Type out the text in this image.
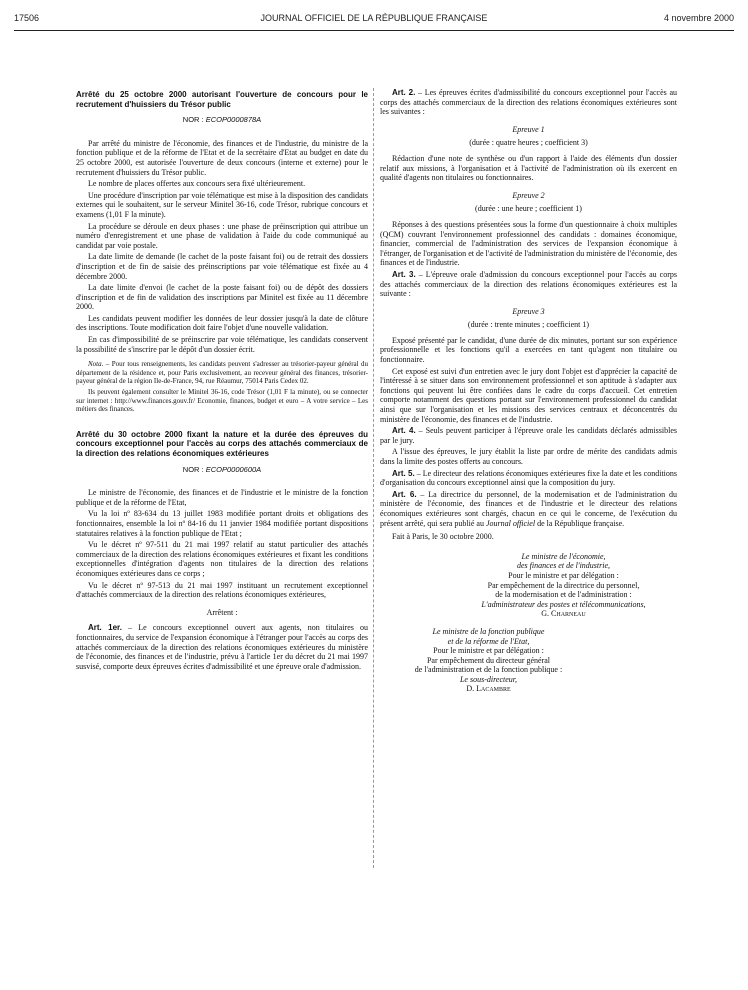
17506	JOURNAL OFFICIEL DE LA RÉPUBLIQUE FRANÇAISE	4 novembre 2000

Arrêté du 25 octobre 2000 autorisant l'ouverture de concours pour le recrutement d'huissiers du Trésor public

NOR : ECOP0000878A

Par arrêté du ministre de l'économie, des finances et de l'industrie, du ministre de la fonction publique et de la réforme de l'Etat et de la secrétaire d'Etat au budget en date du 25 octobre 2000, est autorisée l'ouverture de deux concours (interne et externe) pour le recrutement d'huissiers du Trésor public.

Le nombre de places offertes aux concours sera fixé ultérieurement.

Une procédure d'inscription par voie télématique est mise à la disposition des candidats externes qui le souhaitent, sur le serveur Minitel 36-16, code Trésor, rubrique concours et examens (1,01 F la minute).

La procédure se déroule en deux phases : une phase de préinscription qui attribue un numéro d'enregistrement et une phase de validation à l'aide du code communiqué au candidat par voie postale.

La date limite de demande (le cachet de la poste faisant foi) ou de retrait des dossiers d'inscription et de fin de saisie des préinscriptions par voie télématique est fixée au 4 décembre 2000.

La date limite d'envoi (le cachet de la poste faisant foi) ou de dépôt des dossiers d'inscription et de fin de validation des inscriptions par Minitel est fixée au 11 décembre 2000.

Les candidats peuvent modifier les données de leur dossier jusqu'à la date de clôture des inscriptions. Toute modification doit faire l'objet d'une nouvelle validation.

En cas d'impossibilité de se préinscrire par voie télématique, les candidats conservent la possibilité de s'inscrire par le dépôt d'un dossier écrit.

Nota. – Pour tous renseignements, les candidats peuvent s'adresser au trésorier-payeur général du département de la résidence et, pour Paris exclusivement, au receveur général des finances, trésorier-payeur général de la région Ile-de-France, 94, rue Réaumur, 75014 Paris Cedex 02.

Ils peuvent également consulter le Minitel 36-16, code Trésor (1,01 F la minute), ou se connecter sur internet : http://www.finances.gouv.fr/ Economie, finances, budget et euro – A votre service – Les métiers des finances.

Arrêté du 30 octobre 2000 fixant la nature et la durée des épreuves du concours exceptionnel pour l'accès au corps des attachés commerciaux de la direction des relations économiques extérieures

NOR : ECOP0000600A

Le ministre de l'économie, des finances et de l'industrie et le ministre de la fonction publique et de la réforme de l'Etat,

Vu la loi nº 83-634 du 13 juillet 1983 modifiée portant droits et obligations des fonctionnaires, ensemble la loi nº 84-16 du 11 janvier 1984 modifiée portant dispositions statutaires relatives à la fonction publique de l'Etat ;

Vu le décret nº 97-511 du 21 mai 1997 relatif au statut particulier des attachés commerciaux de la direction des relations économiques extérieures et fixant les conditions exceptionnelles d'intégration d'agents non titulaires de la direction des relations économiques extérieures dans ce corps ;

Vu le décret nº 97-513 du 21 mai 1997 instituant un recrutement exceptionnel d'attachés commerciaux de la direction des relations économiques extérieures,

Arrêtent :

Art. 1er. – Le concours exceptionnel ouvert aux agents, non titulaires ou fonctionnaires, du service de l'expansion économique à l'étranger pour l'accès au corps des attachés commerciaux de la direction des relations économiques extérieures du ministère de l'économie, des finances et de l'industrie, prévu à l'article 1er du décret du 21 mai 1997 susvisé, comporte deux épreuves écrites d'admissibilité et une épreuve orale d'admission.

Art. 2. – Les épreuves écrites d'admissibilité du concours exceptionnel pour l'accès au corps des attachés commerciaux de la direction des relations économiques extérieures sont les suivantes :

Epreuve 1

(durée : quatre heures ; coefficient 3)

Rédaction d'une note de synthèse ou d'un rapport à l'aide des éléments d'un dossier relatif aux missions, à l'organisation et à l'activité de l'administration où ils exercent en qualité d'agents non titulaires ou fonctionnaires.

Epreuve 2

(durée : une heure ; coefficient 1)

Réponses à des questions présentées sous la forme d'un questionnaire à choix multiples (QCM) couvrant l'environnement professionnel des candidats : domaines économique, financier, commercial de l'administration des services de l'expansion économique à l'étranger, de l'organisation et de l'activité de l'administration du ministère de l'économie, des finances et de l'industrie.

Art. 3. – L'épreuve orale d'admission du concours exceptionnel pour l'accès au corps des attachés commerciaux de la direction des relations économiques extérieures est la suivante :

Epreuve 3

(durée : trente minutes ; coefficient 1)

Exposé présenté par le candidat, d'une durée de dix minutes, portant sur son expérience professionnelle et les fonctions qu'il a exercées en tant qu'agent non titulaire ou fonctionnaire.

Cet exposé est suivi d'un entretien avec le jury dont l'objet est d'apprécier la capacité de l'intéressé à se situer dans son environnement professionnel et son aptitude à s'adapter aux fonctions qui peuvent lui être confiées dans le cadre du corps d'accueil. Cet entretien comporte notamment des questions portant sur l'environnement professionnel du candidat ainsi que sur l'organisation et les missions des services centraux et déconcentrés du ministère de l'économie, des finances et de l'industrie.

Art. 4. – Seuls peuvent participer à l'épreuve orale les candidats déclarés admissibles par le jury.

A l'issue des épreuves, le jury établit la liste par ordre de mérite des candidats admis dans la limite des postes offerts au concours.

Art. 5. – Le directeur des relations économiques extérieures fixe la date et les conditions d'organisation du concours exceptionnel ainsi que la composition du jury.

Art. 6. – La directrice du personnel, de la modernisation et de l'administration du ministère de l'économie, des finances et de l'industrie et le directeur des relations économiques extérieures sont chargés, chacun en ce qui le concerne, de l'exécution du présent arrêté, qui sera publié au Journal officiel de la République française.

Fait à Paris, le 30 octobre 2000.

Le ministre de l'économie,

des finances et de l'industrie,

Pour le ministre et par délégation :

Par empêchement de la directrice du personnel,

de la modernisation et de l'administration :

L'administrateur des postes et télécommunications,

G. Charneau

Le ministre de la fonction publique

et de la réforme de l'Etat,

Pour le ministre et par délégation :

Par empêchement du directeur général

de l'administration et de la fonction publique :

Le sous-directeur,

D. Lacambre
